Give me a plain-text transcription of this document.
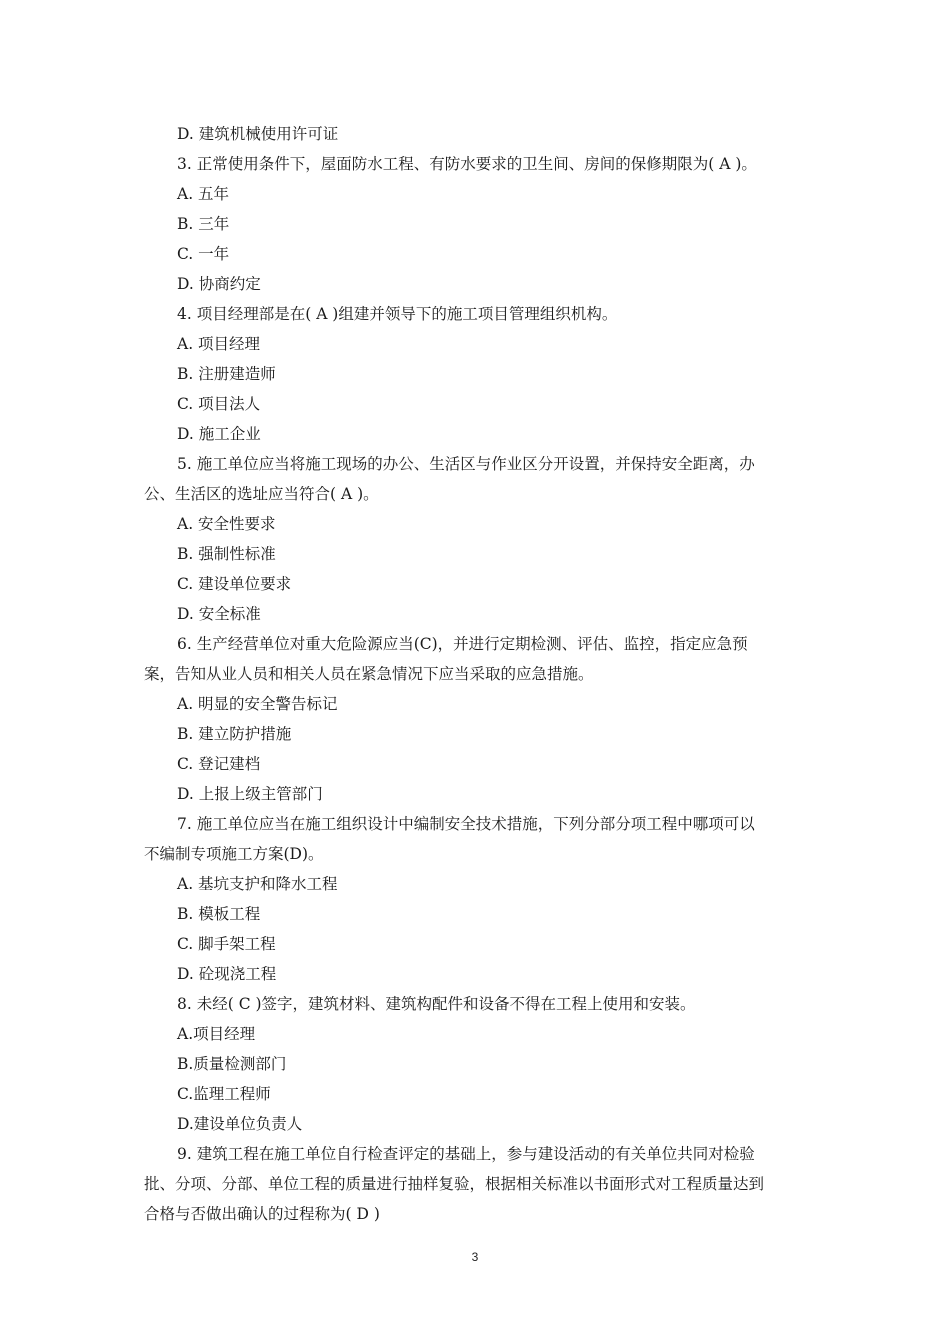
D. 建筑机械使用许可证
3. 正常使用条件下，屋面防水工程、有防水要求的卫生间、房间的保修期限为( A )。
A. 五年
B. 三年
C. 一年
D. 协商约定
4. 项目经理部是在( A )组建并领导下的施工项目管理组织机构。
A. 项目经理
B. 注册建造师
C. 项目法人
D. 施工企业
5. 施工单位应当将施工现场的办公、生活区与作业区分开设置，并保持安全距离，办
公、生活区的选址应当符合( A )。
A. 安全性要求
B. 强制性标准
C. 建设单位要求
D. 安全标准
6. 生产经营单位对重大危险源应当(C)，并进行定期检测、评估、监控，指定应急预
案，告知从业人员和相关人员在紧急情况下应当采取的应急措施。
A. 明显的安全警告标记
B. 建立防护措施
C. 登记建档
D. 上报上级主管部门
7. 施工单位应当在施工组织设计中编制安全技术措施，下列分部分项工程中哪项可以
不编制专项施工方案(D)。
A. 基坑支护和降水工程
B. 模板工程
C. 脚手架工程
D. 砼现浇工程
8. 未经( C )签字，建筑材料、建筑构配件和设备不得在工程上使用和安装。
A.项目经理
B.质量检测部门
C.监理工程师
D.建设单位负责人
9. 建筑工程在施工单位自行检查评定的基础上，参与建设活动的有关单位共同对检验
批、分项、分部、单位工程的质量进行抽样复验，根据相关标准以书面形式对工程质量达到
合格与否做出确认的过程称为( D )
3
